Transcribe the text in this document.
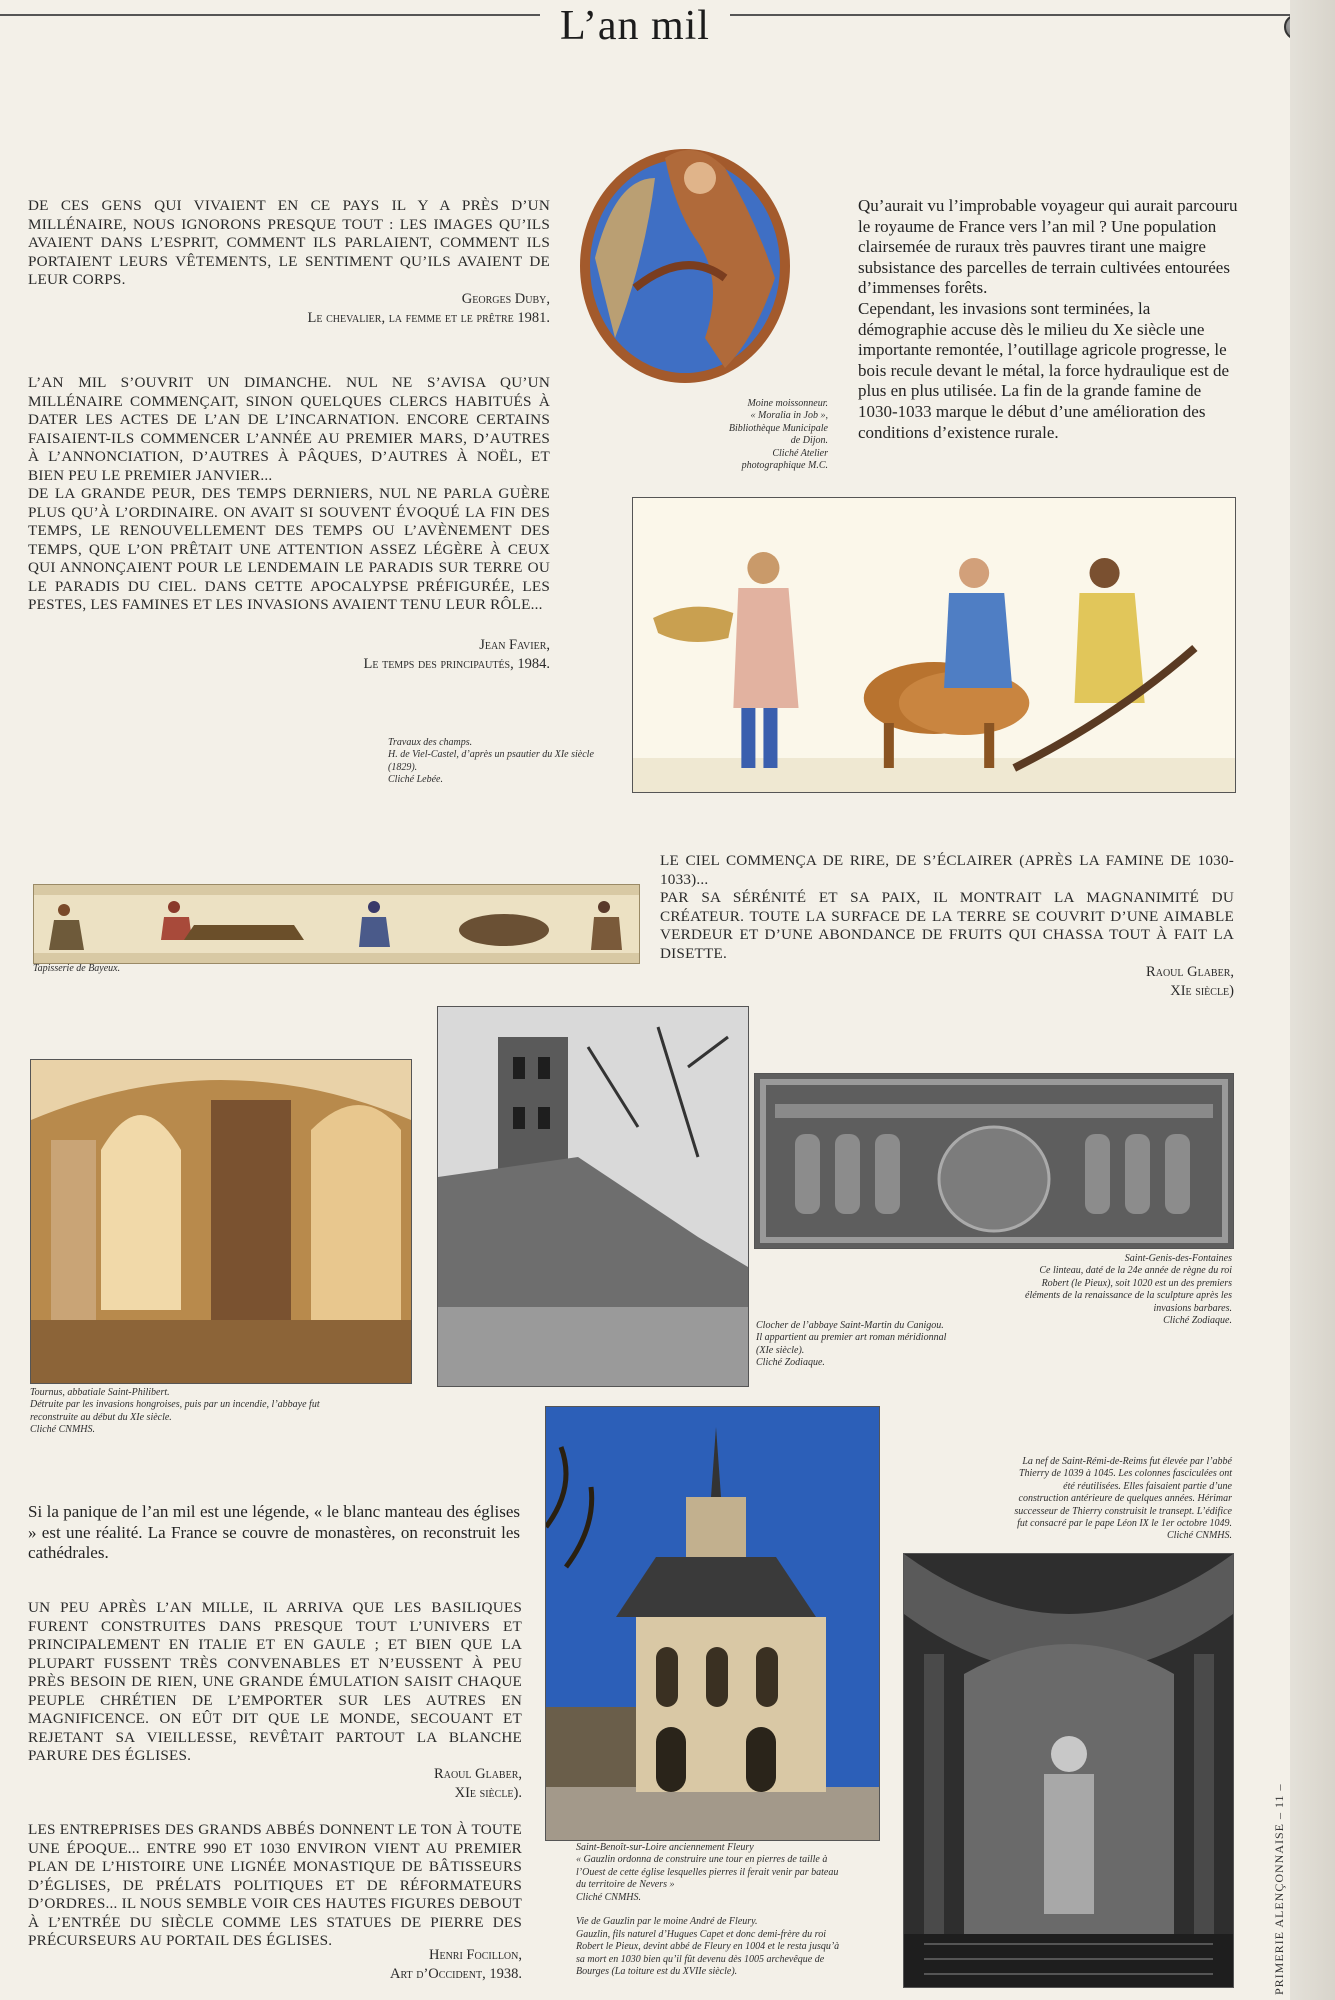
L’an mil
DE CES GENS QUI VIVAIENT EN CE PAYS IL Y A PRÈS D’UN MILLÉNAIRE, NOUS IGNORONS PRESQUE TOUT : LES IMAGES QU’ILS AVAIENT DANS L’ESPRIT, COMMENT ILS PARLAIENT, COMMENT ILS PORTAIENT LEURS VÊTEMENTS, LE SENTIMENT QU’ILS AVAIENT DE LEUR CORPS.
Georges Duby,
Le chevalier, la femme et le prêtre 1981.
L’AN MIL S’OUVRIT UN DIMANCHE. NUL NE S’AVISA QU’UN MILLÉNAIRE COMMENÇAIT, SINON QUELQUES CLERCS HABITUÉS À DATER LES ACTES DE L’AN DE L’INCARNATION. ENCORE CERTAINS FAISAIENT-ILS COMMENCER L’ANNÉE AU PREMIER MARS, D’AUTRES À L’ANNONCIATION, D’AUTRES À PÂQUES, D’AUTRES À NOËL, ET BIEN PEU LE PREMIER JANVIER...
DE LA GRANDE PEUR, DES TEMPS DERNIERS, NUL NE PARLA GUÈRE PLUS QU’À L’ORDINAIRE. ON AVAIT SI SOUVENT ÉVOQUÉ LA FIN DES TEMPS, LE RENOUVELLEMENT DES TEMPS OU L’AVÈNEMENT DES TEMPS, QUE L’ON PRÊTAIT UNE ATTENTION ASSEZ LÉGÈRE À CEUX QUI ANNONÇAIENT POUR LE LENDEMAIN LE PARADIS SUR TERRE OU LE PARADIS DU CIEL. DANS CETTE APOCALYPSE PRÉFIGURÉE, LES PESTES, LES FAMINES ET LES INVASIONS AVAIENT TENU LEUR RÔLE...
Jean Favier,
Le temps des principautés, 1984.
Moine moissonneur.
« Moralia in Job »,
Bibliothèque Municipale
de Dijon.
Cliché Atelier
photographique M.C.
Qu’aurait vu l’improbable voyageur qui aurait parcouru le royaume de France vers l’an mil ? Une population clairsemée de ruraux très pauvres tirant une maigre subsistance des parcelles de terrain cultivées entourées d’immenses forêts.
Cependant, les invasions sont terminées, la démographie accuse dès le milieu du Xe siècle une importante remontée, l’outillage agricole progresse, le bois recule devant le métal, la force hydraulique est de plus en plus utilisée. La fin de la grande famine de 1030-1033 marque le début d’une amélioration des conditions d’existence rurale.
Travaux des champs.
H. de Viel-Castel, d’après un psautier du XIe siècle
(1829).
Cliché Lebée.
Tapisserie de Bayeux.
LE CIEL COMMENÇA DE RIRE, DE S’ÉCLAIRER (APRÈS LA FAMINE DE 1030-1033)...
PAR SA SÉRÉNITÉ ET SA PAIX, IL MONTRAIT LA MAGNANIMITÉ DU CRÉATEUR. TOUTE LA SURFACE DE LA TERRE SE COUVRIT D’UNE AIMABLE VERDEUR ET D’UNE ABONDANCE DE FRUITS QUI CHASSA TOUT À FAIT LA DISETTE.
Raoul Glaber,
XIe siècle)
Tournus, abbatiale Saint-Philibert.
Détruite par les invasions hongroises, puis par un incendie, l’abbaye fut
reconstruite au début du XIe siècle.
Cliché CNMHS.
Clocher de l’abbaye Saint-Martin du Canigou.
Il appartient au premier art roman méridionnal
(XIe siècle).
Cliché Zodiaque.
Saint-Genis-des-Fontaines
Ce linteau, daté de la 24e année de règne du roi
Robert (le Pieux), soit 1020 est un des premiers
éléments de la renaissance de la sculpture après les
invasions barbares.
Cliché Zodiaque.
Si la panique de l’an mil est une légende, « le blanc manteau des églises » est une réalité. La France se couvre de monastères, on reconstruit les cathédrales.
UN PEU APRÈS L’AN MILLE, IL ARRIVA QUE LES BASILIQUES FURENT CONSTRUITES DANS PRESQUE TOUT L’UNIVERS ET PRINCIPALEMENT EN ITALIE ET EN GAULE ; ET BIEN QUE LA PLUPART FUSSENT TRÈS CONVENABLES ET N’EUSSENT À PEU PRÈS BESOIN DE RIEN, UNE GRANDE ÉMULATION SAISIT CHAQUE PEUPLE CHRÉTIEN DE L’EMPORTER SUR LES AUTRES EN MAGNIFICENCE. ON EÛT DIT QUE LE MONDE, SECOUANT ET REJETANT SA VIEILLESSE, REVÊTAIT PARTOUT LA BLANCHE PARURE DES ÉGLISES.
Raoul Glaber,
XIe siècle).
LES ENTREPRISES DES GRANDS ABBÉS DONNENT LE TON À TOUTE UNE ÉPOQUE... ENTRE 990 ET 1030 ENVIRON VIENT AU PREMIER PLAN DE L’HISTOIRE UNE LIGNÉE MONASTIQUE DE BÂTISSEURS D’ÉGLISES, DE PRÉLATS POLITIQUES ET DE RÉFORMATEURS D’ORDRES... IL NOUS SEMBLE VOIR CES HAUTES FIGURES DEBOUT À L’ENTRÉE DU SIÈCLE COMME LES STATUES DE PIERRE DES PRÉCURSEURS AU PORTAIL DES ÉGLISES.
Henri Focillon,
Art d’Occident, 1938.
Saint-Benoît-sur-Loire anciennement Fleury
« Gauzlin ordonna de construire une tour en pierres de taille à
l’Ouest de cette église lesquelles pierres il ferait venir par bateau
du territoire de Nevers »
Cliché CNMHS.

Vie de Gauzlin par le moine André de Fleury.
Gauzlin, fils naturel d’Hugues Capet et donc demi-frère du roi
Robert le Pieux, devint abbé de Fleury en 1004 et le resta jusqu’à
sa mort en 1030 bien qu’il fût devenu dès 1005 archevêque de
Bourges (La toiture est du XVIIe siècle).
La nef de Saint-Rémi-de-Reims fut élevée par l’abbé
Thierry de 1039 à 1045. Les colonnes fasciculées ont
été réutilisées. Elles faisaient partie d’une
construction antérieure de quelques années. Hérimar
successeur de Thierry construisit le transept. L’édifice
fut consacré par le pape Léon IX le 1er octobre 1049.
Cliché CNMHS.
PRIMERIE ALENÇONNAISE – 11 –
